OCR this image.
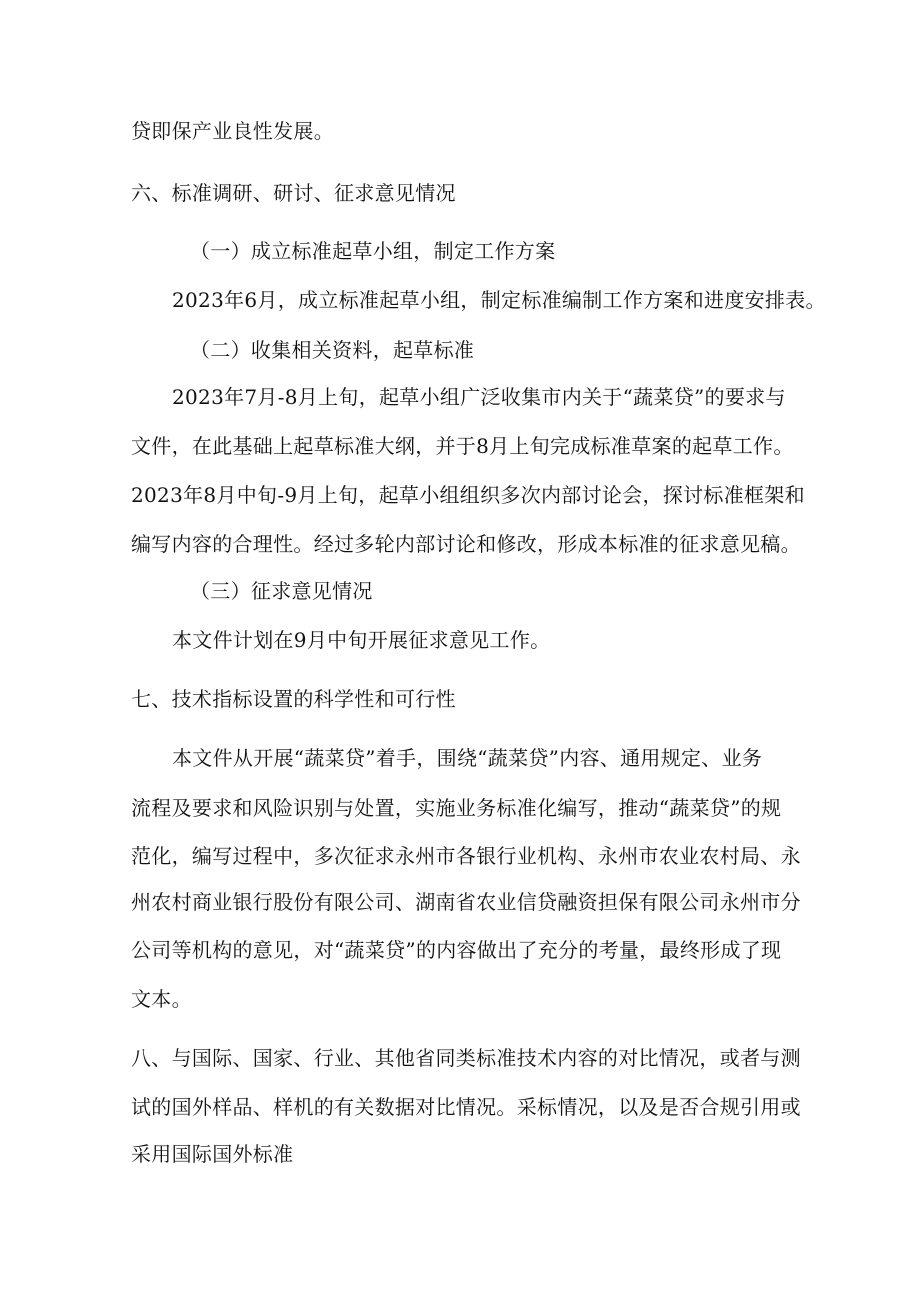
贷即保产业良性发展。
六、标准调研、研讨、征求意见情况
（一）成立标准起草小组，制定工作方案
2023年6月，成立标准起草小组，制定标准编制工作方案和进度安排表。
（二）收集相关资料，起草标准
2023年7月-8月上旬，起草小组广泛收集市内关于“蔬菜贷”的要求与
文件，在此基础上起草标准大纲，并于8月上旬完成标准草案的起草工作。
2023年8月中旬-9月上旬，起草小组组织多次内部讨论会，探讨标准框架和
编写内容的合理性。经过多轮内部讨论和修改，形成本标准的征求意见稿。
（三）征求意见情况
本文件计划在9月中旬开展征求意见工作。
七、技术指标设置的科学性和可行性
本文件从开展“蔬菜贷”着手，围绕“蔬菜贷”内容、通用规定、业务
流程及要求和风险识别与处置，实施业务标准化编写，推动“蔬菜贷”的规
范化，编写过程中，多次征求永州市各银行业机构、永州市农业农村局、永
州农村商业银行股份有限公司、湖南省农业信贷融资担保有限公司永州市分
公司等机构的意见，对“蔬菜贷”的内容做出了充分的考量，最终形成了现
文本。
八、与国际、国家、行业、其他省同类标准技术内容的对比情况，或者与测
试的国外样品、样机的有关数据对比情况。采标情况，以及是否合规引用或
采用国际国外标准
